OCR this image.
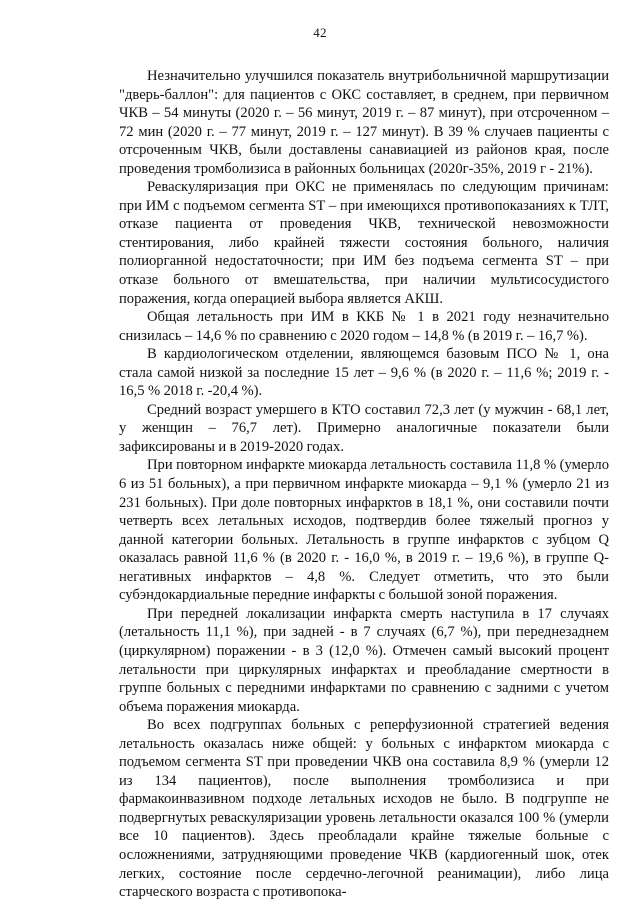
42

Незначительно улучшился показатель внутрибольничной маршрутизации "дверь-баллон": для пациентов с ОКС составляет, в среднем, при первичном ЧКВ – 54 минуты (2020 г. – 56 минут, 2019 г. – 87 минут), при отсроченном – 72 мин (2020 г. – 77 минут, 2019 г. – 127 минут). В 39 % случаев пациенты с отсроченным ЧКВ, были доставлены санавиацией из районов края, после проведения тромболизиса в районных больницах (2020г-35%, 2019 г - 21%).

Реваскуляризация при ОКС не применялась по следующим причинам: при ИМ с подъемом сегмента ST – при имеющихся противопоказаниях к ТЛТ, отказе пациента от проведения ЧКВ, технической невозможности стентирования, либо крайней тяжести состояния больного, наличия полиорганной недостаточности; при ИМ без подъема сегмента ST – при отказе больного от вмешательства, при наличии мультисосудистого поражения, когда операцией выбора является АКШ.

Общая летальность при ИМ в ККБ № 1 в 2021 году незначительно снизилась – 14,6 % по сравнению с 2020 годом – 14,8 % (в 2019 г. – 16,7 %).

В кардиологическом отделении, являющемся базовым ПСО № 1, она стала самой низкой за последние 15 лет – 9,6 % (в 2020 г. – 11,6 %; 2019 г. - 16,5 % 2018 г. -20,4 %).

Средний возраст умершего в КТО составил 72,3 лет (у мужчин - 68,1 лет, у женщин – 76,7 лет). Примерно аналогичные показатели были зафиксированы и в 2019-2020 годах.

При повторном инфаркте миокарда летальность составила 11,8 % (умерло 6 из 51 больных), а при первичном инфаркте миокарда – 9,1 % (умерло 21 из 231 больных). При доле повторных инфарктов в 18,1 %, они составили почти четверть всех летальных исходов, подтвердив более тяжелый прогноз у данной категории больных. Летальность в группе инфарктов с зубцом Q оказалась равной 11,6 % (в 2020 г. - 16,0 %, в 2019 г. – 19,6 %), в группе Q-негативных инфарктов – 4,8 %. Следует отметить, что это были субэндокардиальные передние инфаркты с большой зоной поражения.

При передней локализации инфаркта смерть наступила в 17 случаях (летальность 11,1 %), при задней - в 7 случаях (6,7 %), при переднезаднем (циркулярном) поражении - в 3 (12,0 %). Отмечен самый высокий процент летальности при циркулярных инфарктах и преобладание смертности в группе больных с передними инфарктами по сравнению с задними с учетом объема поражения миокарда.

Во всех подгруппах больных с реперфузионной стратегией ведения летальность оказалась ниже общей: у больных с инфарктом миокарда с подъемом сегмента ST при проведении ЧКВ она составила 8,9 % (умерли 12 из 134 пациентов), после выполнения тромболизиса и при фармакоинвазивном подходе летальных исходов не было. В подгруппе не подвергнутых реваскуляризации уровень летальности оказался 100 % (умерли все 10 пациентов). Здесь преобладали крайне тяжелые больные с осложнениями, затрудняющими проведение ЧКВ (кардиогенный шок, отек легких, состояние после сердечно-легочной реанимации), либо лица старческого возраста с противопока-
